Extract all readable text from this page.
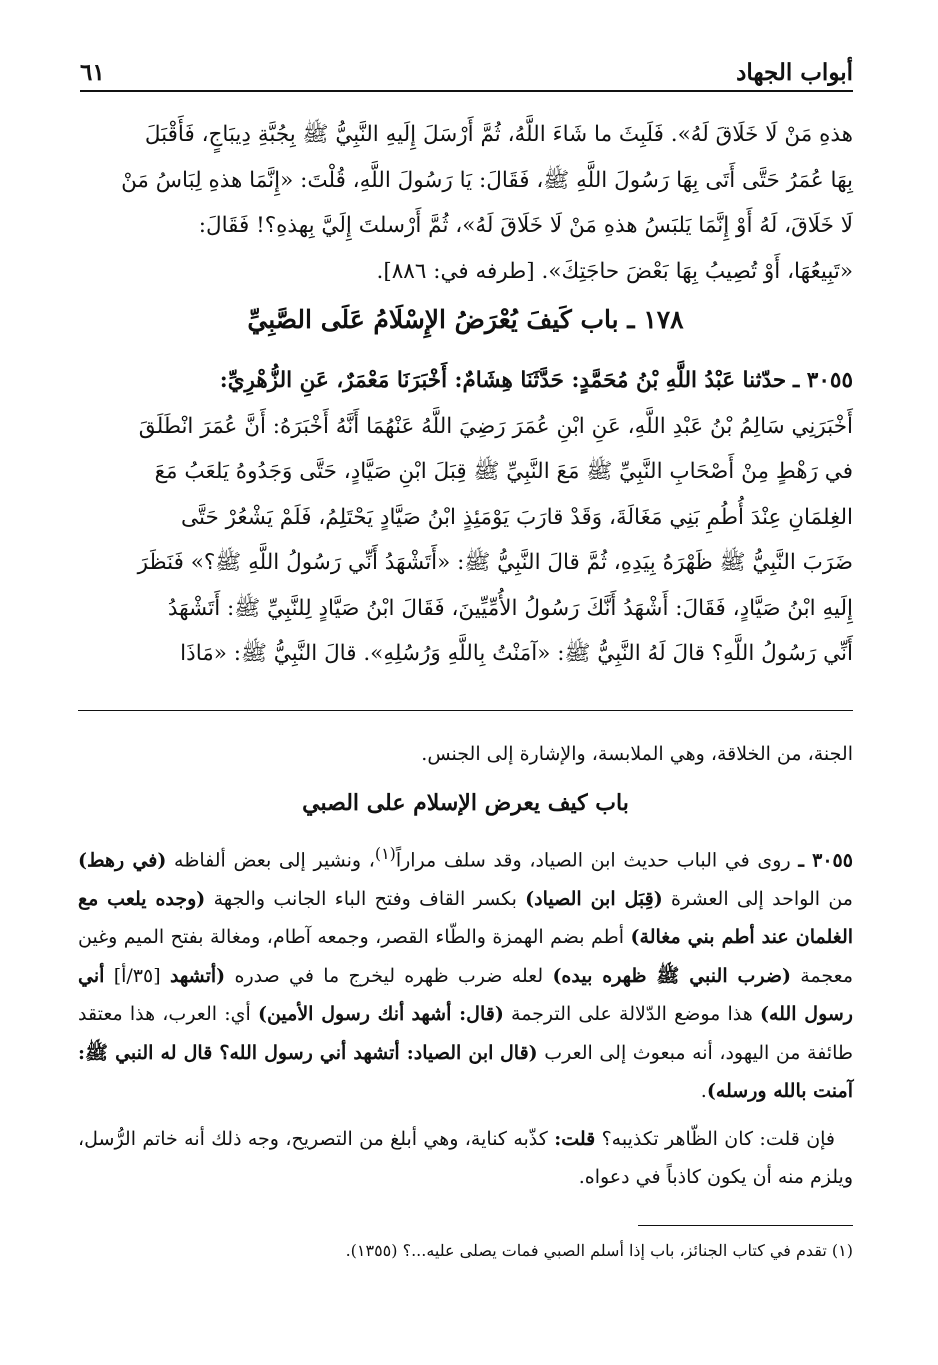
٦١	أبواب الجهاد

هذهِ مَنْ لَا خَلَاقَ لَهُ». فَلَبِثَ ما شَاءَ اللَّهُ، ثُمَّ أَرْسَلَ إِلَيهِ النَّبِيُّ ﷺ بِجُبَّةِ دِيبَاجٍ، فَأَقْبَلَ

بِهَا عُمَرُ حَتَّى أَتَى بِهَا رَسُولَ اللَّهِ ﷺ، فَقَالَ: يَا رَسُولَ اللَّهِ، قُلْتَ: «إِنَّمَا هذهِ لِبَاسُ مَنْ

لَا خَلَاقَ، لَهُ أَوْ إِنَّمَا يَلبَسُ هذهِ مَنْ لَا خَلَاقَ لَهُ»، ثُمَّ أَرْسلتَ إِلَيَّ بِهذهِ؟! فَقَالَ:

«تَبِيعُهَا، أَوْ تُصِيبُ بِهَا بَعْضَ حاجَتِكَ». [طرفه في: ٨٨٦].

١٧٨ ـ باب كَيفَ يُعْرَضُ الإِسْلَامُ عَلَى الصَّبِيِّ

٣٠٥٥ ـ حدّثنا عَبْدُ اللَّهِ بْنُ مُحَمَّدٍ: حَدَّثَنَا هِشَامٌ: أَخْبَرَنَا مَعْمَرٌ، عَنِ الزُّهْرِيِّ:

أَخْبَرَنِي سَالِمُ بْنُ عَبْدِ اللَّهِ، عَنِ ابْنِ عُمَرَ رَضِيَ اللَّهُ عَنْهُمَا أَنَّهُ أَخْبَرَهُ: أَنَّ عُمَرَ انْطَلَقَ

في رَهْطٍ مِنْ أَصْحَابِ النَّبِيِّ ﷺ مَعَ النَّبِيِّ ﷺ قِبَلَ ابْنِ صَيَّادٍ، حَتَّى وَجَدُوهُ يَلعَبُ مَعَ

الغِلمَانِ عِنْدَ أُطُمِ بَنِي مَغَالَةَ، وَقَدْ قارَبَ يَوْمَئِذٍ ابْنُ صَيَّادٍ يَحْتَلِمُ، فَلَمْ يَشْعُرْ حَتَّى

ضَرَبَ النَّبِيُّ ﷺ ظَهْرَهُ بِيَدِهِ، ثُمَّ قالَ النَّبِيُّ ﷺ: «أَتَشْهَدُ أَنِّي رَسُولُ اللَّهِ ﷺ؟» فَنَظَرَ

إِلَيهِ ابْنُ صَيَّادٍ، فَقَالَ: أَشْهَدُ أَنَّكَ رَسُولُ الأُمِّيِّينَ، فَقَالَ ابْنُ صَيَّادٍ لِلنَّبِيِّ ﷺ: أَتَشْهَدُ

أَنِّي رَسُولُ اللَّهِ؟ قالَ لَهُ النَّبِيُّ ﷺ: «آمَنْتُ بِاللَّهِ وَرُسُلِهِ». قالَ النَّبِيُّ ﷺ: «مَاذَا

الجنة، من الخلاقة، وهي الملابسة، والإشارة إلى الجنس.

باب كيف يعرض الإسلام على الصبي

٣٠٥٥ ـ روى في الباب حديث ابن الصياد، وقد سلف مراراً$^{(١)}$، ونشير إلى بعض ألفاظه (في رهط) من الواحد إلى العشرة (قِبَل ابن الصياد) بكسر القاف وفتح الباء الجانب والجهة (وجده يلعب مع الغلمان عند أطم بني مغالة) أطم بضم الهمزة والطّاء القصر، وجمعه آطام، ومغالة بفتح الميم وغين معجمة (ضرب النبي ﷺ ظهره بيده) لعله ضرب ظهره ليخرج ما في صدره (أتشهد [٣٥/أ] أني رسول الله) هذا موضع الدّلالة على الترجمة (قال: أشهد أنك رسول الأمين) أي: العرب، هذا معتقد طائفة من اليهود، أنه مبعوث إلى العرب (قال ابن الصياد: أتشهد أني رسول الله؟ قال له النبي ﷺ: آمنت بالله ورسله).

فإن قلت: كان الظّاهر تكذيبه؟ قلت: كذّبه كناية، وهي أبلغ من التصريح، وجه ذلك أنه خاتم الرُّسل، ويلزم منه أن يكون كاذباً في دعواه.

(١) تقدم في كتاب الجنائز، باب إذا أسلم الصبي فمات يصلى عليه...؟ (١٣٥٥).
